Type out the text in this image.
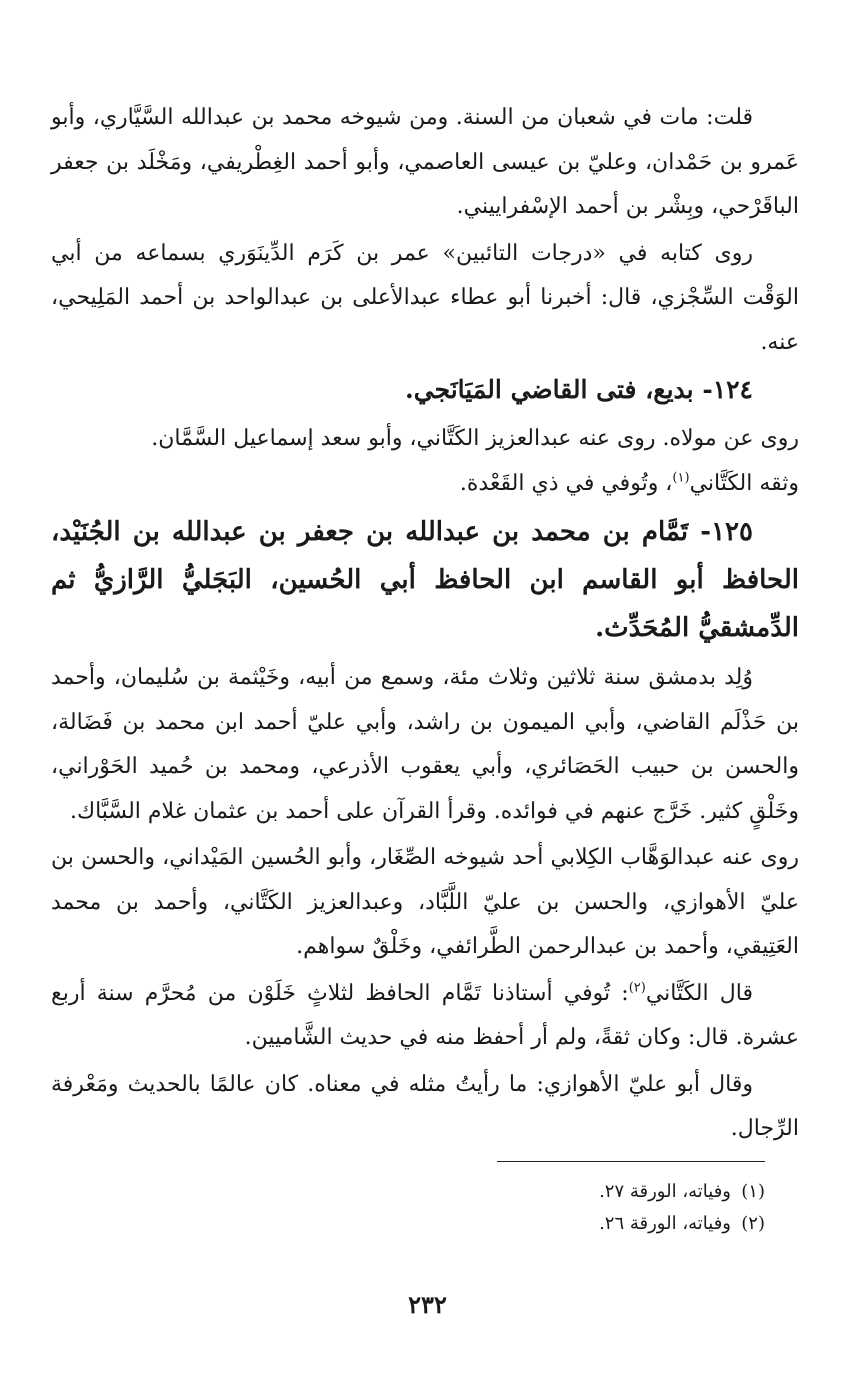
قلت: مات في شعبان من السنة. ومن شيوخه محمد بن عبدالله السَّيَّاري، وأبو عَمرو بن حَمْدان، وعليّ بن عيسى العاصمي، وأبو أحمد الغِطْريفي، ومَخْلَد بن جعفر الباقَرْحي، وبِشْر بن أحمد الإسْفراييني.

روى كتابه في «درجات التائبين» عمر بن كَرَم الدِّينَوَري بسماعه من أبي الوَقْت السِّجْزي، قال: أخبرنا أبو عطاء عبدالأعلى بن عبدالواحد بن أحمد المَلِيحي، عنه.

١٢٤- بديع، فتى القاضي المَيَانَجي.

روى عن مولاه. روى عنه عبدالعزيز الكَتَّاني، وأبو سعد إسماعيل السَّمَّان.
وثقه الكَتَّاني$^{(١)}$، وتُوفي في ذي القَعْدة.

١٢٥- تَمَّام بن محمد بن عبدالله بن جعفر بن عبدالله بن الجُنَيْد، الحافظ أبو القاسم ابن الحافظ أبي الحُسين، البَجَليُّ الرَّازيُّ ثم الدِّمشقيُّ المُحَدِّث.

وُلِد بدمشق سنة ثلاثين وثلاث مئة، وسمع من أبيه، وخَيْثمة بن سُليمان، وأحمد بن حَذْلَم القاضي، وأبي الميمون بن راشد، وأبي عليّ أحمد ابن محمد بن فَضَالة، والحسن بن حبيب الحَصَائري، وأبي يعقوب الأذرعي، ومحمد بن حُميد الحَوْراني، وخَلْقٍ كثير. خَرَّج عنهم في فوائده. وقرأ القرآن على أحمد بن عثمان غلام السَّبَّاك.

روى عنه عبدالوَهَّاب الكِلابي أحد شيوخه الصِّغَار، وأبو الحُسين المَيْداني، والحسن بن عليّ الأهوازي، والحسن بن عليّ اللَّبَّاد، وعبدالعزيز الكَتَّاني، وأحمد بن محمد العَتِيقي، وأحمد بن عبدالرحمن الطَّرائفي، وخَلْقٌ سواهم.

قال الكَتَّاني$^{(٢)}$: تُوفي أستاذنا تَمَّام الحافظ لثلاثٍ خَلَوْن من مُحرَّم سنة أربع عشرة. قال: وكان ثقةً، ولم أر أحفظ منه في حديث الشَّاميين.

وقال أبو عليّ الأهوازي: ما رأيتُ مثله في معناه. كان عالمًا بالحديث ومَعْرفة الرِّجال.

(١)وفياته، الورقة ٢٧.
(٢)وفياته، الورقة ٢٦.
٢٣٢
